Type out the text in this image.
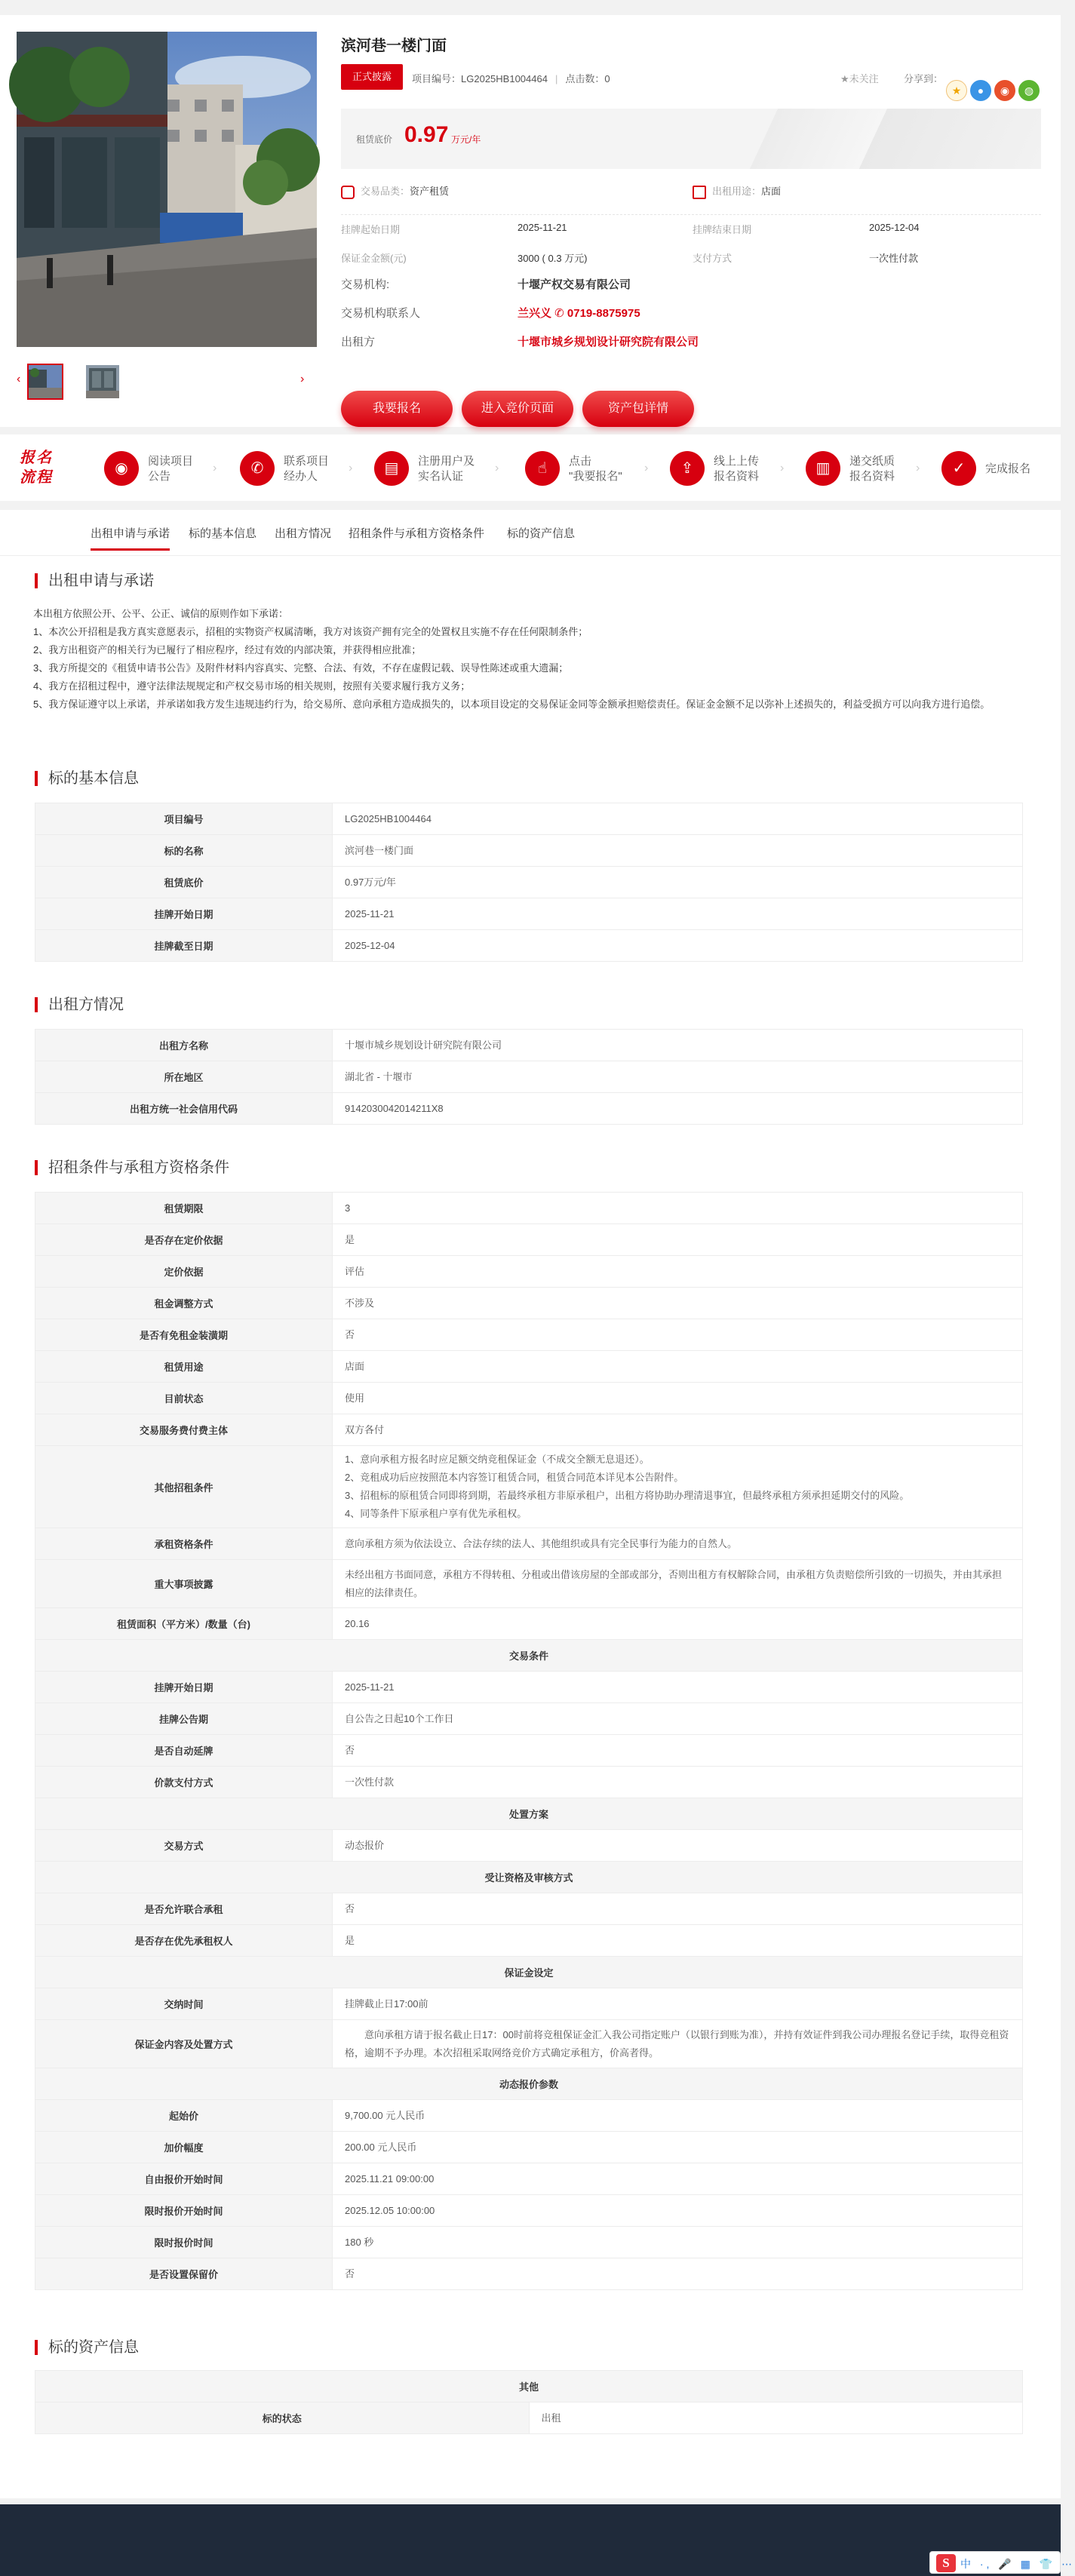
‹	›
滨河巷一楼门面
正式披露	项目编号：LG2025HB1004464 | 点击数：0	★未关注	分享到：
★	●	◉	◍
租赁底价 0.97 万元/年
交易品类：资产租赁	出租用途：店面
挂牌起始日期	2025-11-21	挂牌结束日期	2025-12-04
保证金金额(元)	3000 ( 0.3 万元)	支付方式	一次性付款
交易机构:	十堰产权交易有限公司
交易机构联系人	兰兴义 ✆ 0719-8875975
出租方	十堰市城乡规划设计研究院有限公司
我要报名	进入竞价页面	资产包详情
报名
流程
◉	阅读项目
公告
›	✆	联系项目
经办人
›	▤	注册用户及
实名认证
›	☝	点击
"我要报名"
›	⇪	线上上传
报名资料
›	▥	递交纸质
报名资料
›	✓	完成报名
出租申请与承诺 标的基本信息 出租方情况 招租条件与承租方资格条件 标的资产信息
出租申请与承诺
本出租方依照公开、公平、公正、诚信的原则作如下承诺：
1、本次公开招租是我方真实意愿表示，招租的实物资产权属清晰，我方对该资产拥有完全的处置权且实施不存在任何限制条件；
2、我方出租资产的相关行为已履行了相应程序，经过有效的内部决策，并获得相应批准；
3、我方所提交的《租赁申请书公告》及附件材料内容真实、完整、合法、有效，不存在虚假记载、误导性陈述或重大遗漏；
4、我方在招租过程中，遵守法律法规规定和产权交易市场的相关规则，按照有关要求履行我方义务；
5、我方保证遵守以上承诺，并承诺如我方发生违规违约行为，给交易所、意向承租方造成损失的，以本项目设定的交易保证金同等金额承担赔偿责任。保证金金额不足以弥补上述损失的，利益受损方可以向我方进行追偿。
标的基本信息
项目编号	LG2025HB1004464
标的名称	滨河巷一楼门面
租赁底价	0.97万元/年
挂牌开始日期	2025-11-21
挂牌截至日期	2025-12-04
出租方情况
出租方名称	十堰市城乡规划设计研究院有限公司
所在地区	湖北省 - 十堰市
出租方统一社会信用代码	91420300420142​11X8
招租条件与承租方资格条件
租赁期限	3
是否存在定价依据	是
定价依据	评估
租金调整方式	不涉及
是否有免租金装潢期	否
租赁用途	店面
目前状态	使用
交易服务费付费主体	双方各付
其他招租条件	1、意向承租方报名时应足额交纳竞租保证金（不成交全额无息退还）。
2、竞租成功后应按照范本内容签订租赁合同，租赁合同范本详见本公告附件。
3、招租标的原租赁合同即将到期，若最终承租方非原承租户，出租方将协助办理清退事宜，但最终承租方须承担延期交付的风险。
4、同等条件下原承租户享有优先承租权。

承租资格条件	意向承租方须为依法设立、合法存续的法人、其他组织或具有完全民事行为能力的自然人。
重大事项披露	未经出租方书面同意，承租方不得转租、分租或出借该房屋的全部或部分，否则出租方有权解除合同，由承租方负责赔偿所引致的一切损失，并由其承担相应的法律责任。
租赁面积（平方米）/数量（台)	20.16
交易条件	
挂牌开始日期	2025-11-21
挂牌公告期	自公告之日起10个工作日
是否自动延牌	否
价款支付方式	一次性付款
处置方案	
交易方式	动态报价
受让资格及审核方式	
是否允许联合承租	否
是否存在优先承租权人	是
保证金设定	
交纳时间	挂牌截止日17:00前
保证金内容及处置方式	意向承租方请于报名截止日17：00时前将竞租保证金汇入我公司指定账户（以银行到账为准），并持有效证件到我公司办理报名登记手续，取得竞租资格，逾期不予办理。本次招租采取网络竞价方式确定承租方，价高者得。
动态报价参数	
起始价	9,700.00 元人民币
加价幅度	200.00 元人民币
自由报价开始时间	2025.11.21 09:00:00
限时报价开始时间	2025.12.05 10:00:00
限时报价时间	180 秒
是否设置保留价	否
标的资产信息
其他
标的状态	出租
S	中 ·, 🎤 ▦ 👕 ⋯
